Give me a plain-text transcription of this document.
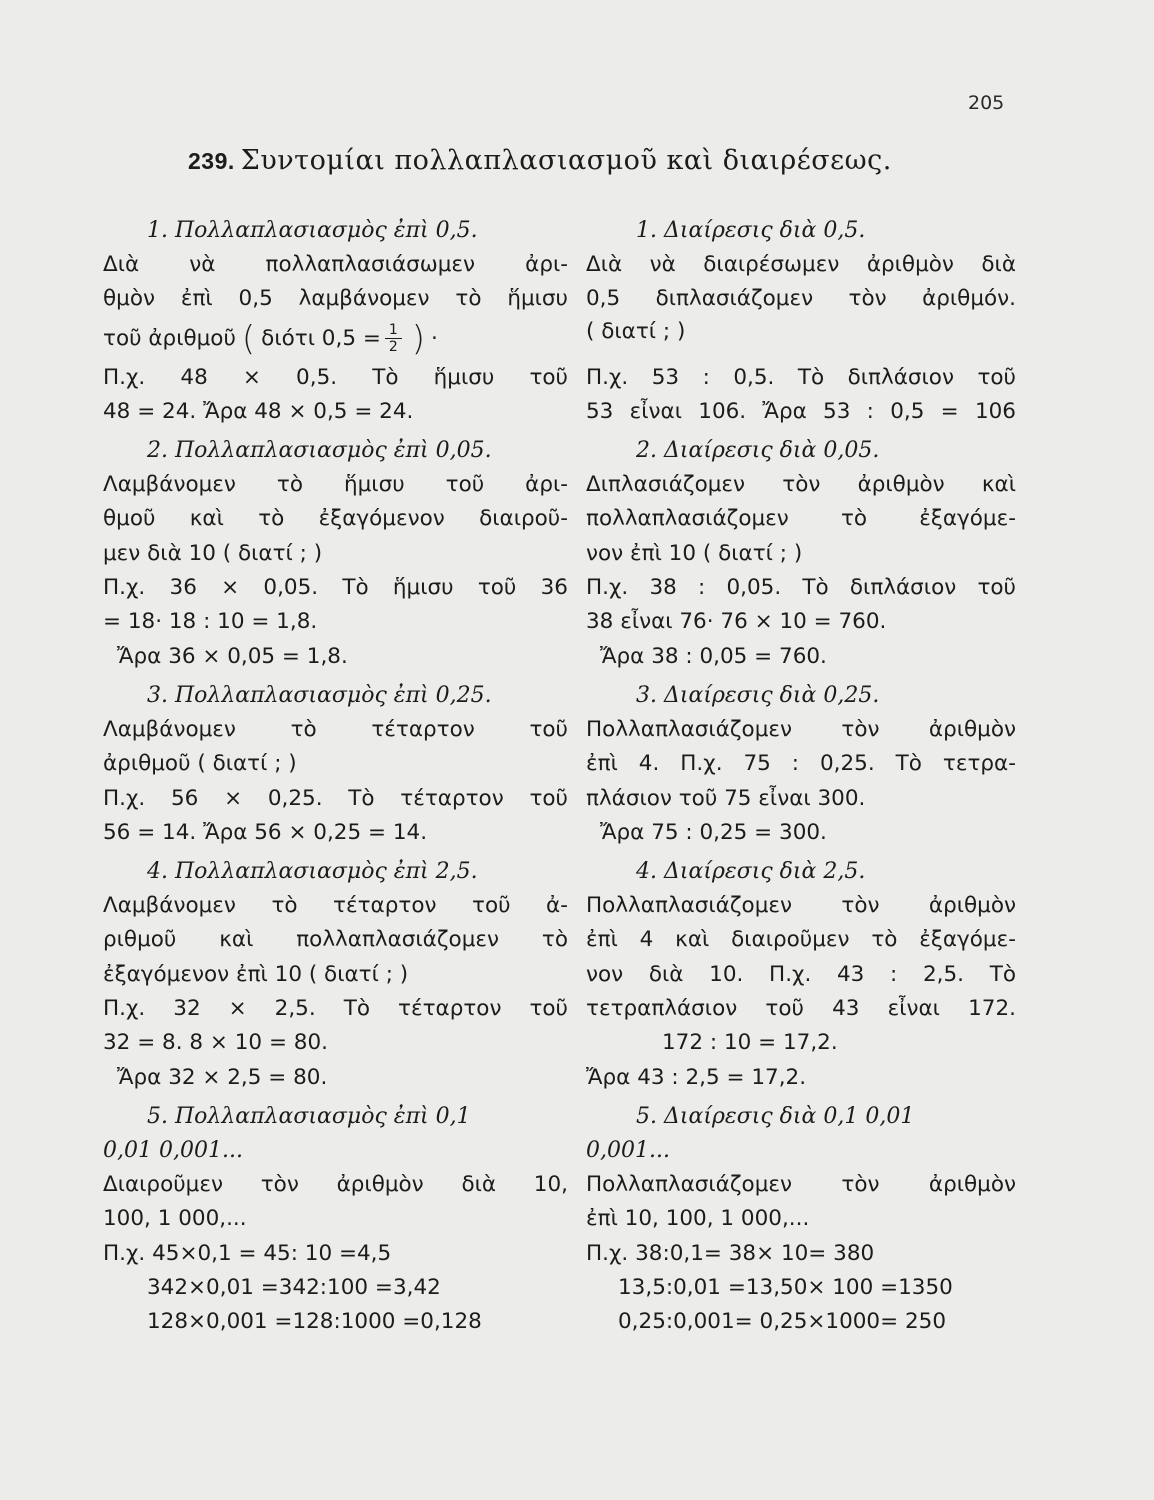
205
239. Συντομίαι πολλαπλασιασμοῦ καὶ διαιρέσεως.
1. Πολλαπλασιασμὸς ἐπὶ 0,5.
Διὰ νὰ πολλαπλασιάσωμεν ἀρι-
θμὸν ἐπὶ 0,5 λαμβάνομεν τὸ ἥμισυ
τοῦ ἀριθμοῦ ( διότι $0,5 = \frac{1}{2}$ ) ·
Π.χ. 48 × 0,5. Τὸ ἥμισυ τοῦ
48 = 24. Ἄρα 48 × 0,5 = 24.
2. Πολλαπλασιασμὸς ἐπὶ 0,05.
Λαμβάνομεν τὸ ἥμισυ τοῦ ἀρι-
θμοῦ καὶ τὸ ἐξαγόμενον διαιροῦ-
μεν διὰ 10 ( διατί ; )
Π.χ. 36 × 0,05. Τὸ ἥμισυ τοῦ 36
= 18· 18 : 10 = 1,8.
Ἄρα 36 × 0,05 = 1,8.
3. Πολλαπλασιασμὸς ἐπὶ 0,25.
Λαμβάνομεν τὸ τέταρτον τοῦ
ἀριθμοῦ ( διατί ; )
Π.χ. 56 × 0,25. Τὸ τέταρτον τοῦ
56 = 14. Ἄρα 56 × 0,25 = 14.
4. Πολλαπλασιασμὸς ἐπὶ 2,5.
Λαμβάνομεν τὸ τέταρτον τοῦ ἀ-
ριθμοῦ καὶ πολλαπλασιάζομεν τὸ
ἐξαγόμενον ἐπὶ 10 ( διατί ; )
Π.χ. 32 × 2,5. Τὸ τέταρτον τοῦ
32 = 8. 8 × 10 = 80.
Ἄρα 32 × 2,5 = 80.
5. Πολλαπλασιασμὸς ἐπὶ 0,1
0,01 0,001...
Διαιροῦμεν τὸν ἀριθμὸν διὰ 10,
100, 1 000,...
Π.χ. 45×0,1 = 45: 10 =4,5
342×0,01 =342:100 =3,42
128×0,001 =128:1000 =0,128
1. Διαίρεσις διὰ 0,5.
Διὰ νὰ διαιρέσωμεν ἀριθμὸν διὰ
0,5 διπλασιάζομεν τὸν ἀριθμόν.
( διατί ; )
Π.χ. 53 : 0,5. Τὸ διπλάσιον τοῦ
53 εἶναι 106. Ἄρα 53 : 0,5 = 106
2. Διαίρεσις διὰ 0,05.
Διπλασιάζομεν τὸν ἀριθμὸν καὶ
πολλαπλασιάζομεν τὸ ἐξαγόμε-
νον ἐπὶ 10 ( διατί ; )
Π.χ. 38 : 0,05. Τὸ διπλάσιον τοῦ
38 εἶναι 76· 76 × 10 = 760.
Ἄρα 38 : 0,05 = 760.
3. Διαίρεσις διὰ 0,25.
Πολλαπλασιάζομεν τὸν ἀριθμὸν
ἐπὶ 4. Π.χ. 75 : 0,25. Τὸ τετρα-
πλάσιον τοῦ 75 εἶναι 300.
Ἄρα 75 : 0,25 = 300.
4. Διαίρεσις διὰ 2,5.
Πολλαπλασιάζομεν τὸν ἀριθμὸν
ἐπὶ 4 καὶ διαιροῦμεν τὸ ἐξαγόμε-
νον διὰ 10. Π.χ. 43 : 2,5. Τὸ
τετραπλάσιον τοῦ 43 εἶναι 172.
172 : 10 = 17,2.
Ἄρα 43 : 2,5 = 17,2.
5. Διαίρεσις διὰ 0,1 0,01
0,001...
Πολλαπλασιάζομεν τὸν ἀριθμὸν
ἐπὶ 10, 100, 1 000,...
Π.χ. 38:0,1= 38× 10= 380
13,5:0,01 =13,50× 100 =1350
0,25:0,001= 0,25×1000= 250
